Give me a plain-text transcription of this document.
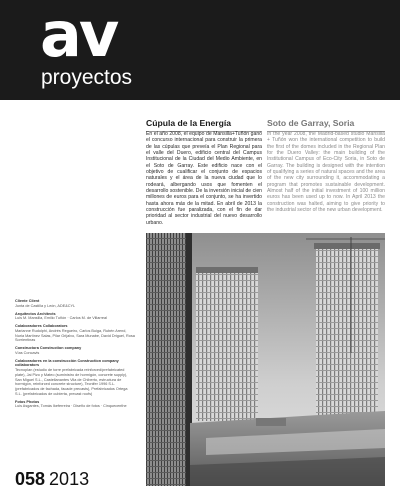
av
proyectos
Cúpula de la Energía	Soto de Garray, Soria

En el año 2008, el equipo de Mansilla+Tuñón ganó el concurso internacional para construir la primera de las cúpulas que preveía el Plan Regional para el valle del Duero, edificio central del Campus Institucional de la Ciudad del Medio Ambiente, en el Soto de Garray. Este edificio nace con el objetivo de cualificar el conjunto de espacios naturales y el área de la nueva ciudad que lo rodeará, albergando usos que fomenten el desarrollo sostenible. De la inversión inicial de cien millones de euros para el conjunto, se ha invertido hasta ahora más de la mitad. En abril de 2013 la construcción fue paralizada, con el fin de dar prioridad al sector industrial del nuevo desarrollo urbano.

In the year 2008, the Madrid-based studio Mansilla + Tuñón won the international competition to build the first of the domes included in the Regional Plan for the Duero Valley: the main building of the Institutional Campus of Eco-City Soria, in Soto de Garray. The building is designed with the intention of qualifying a series of natural spaces and the area of the new city surrounding it, accommodating a program that promotes sustainable development. Almost half of the initial investment of 100 million euros has been used up to now. In April 2013 the construction was halted, aiming to give priority to the industrial sector of the new urban development.

Cliente Client
Junta de Castilla y León, ADE&CYL
Arquitectos Architects
Luis M. Mansilla, Emilio Tuñón · Carlos M. de Villarreal
Colaboradores Collaborators
Marianne Rudolphi, Andrés Regueiro, Carlos Buiga, Rubén Arend, Nuria Martínez Salas, Pilar Grijalvo, Sara Munabe, David Driguel, Rosa Sorrientinas
Constructora Construction company
Vías Concavis
Colaboradores en la construcción Construction company collaborators
Tecnoplan (estudio de torre prefabricada reinforced/prefabricated plate), Jai Pizo y Mateo (suministro de hormigón, concrete supply), San Miguel S.L., Castellanantes Vila de Chiberto, estructura de hormigón, reinforced concrete structure), Tecnifer 1996 S.L. (prefabricados de fachada, facade precasts), Prefabricados Ortega S.L. (prefabricados de cubierta, precast roofs)
Fotos Photos
Luis Asgantes, Tomás Ikeferreira · Diseño de fotos · Cinquecenthe
058 2013
